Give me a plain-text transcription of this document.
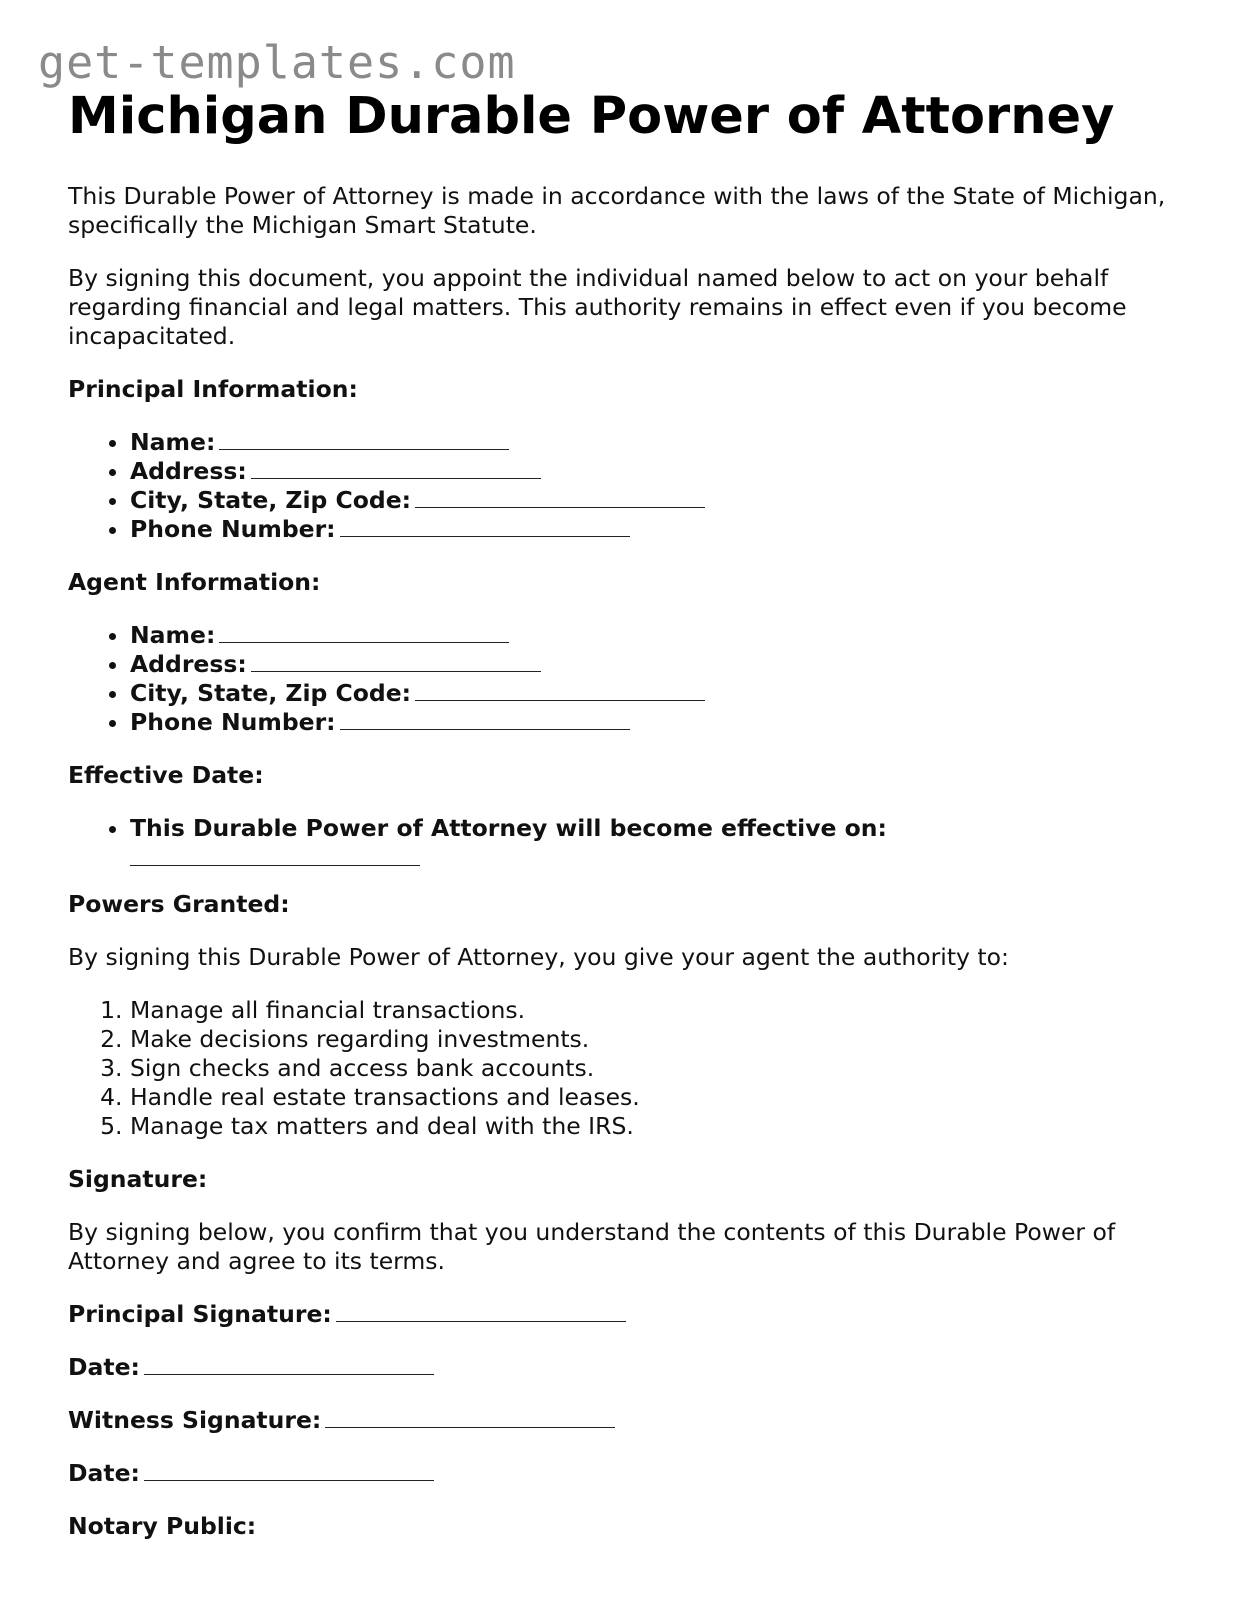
get-templates.com
Michigan Durable Power of Attorney

This Durable Power of Attorney is made in accordance with the laws of the State of Michigan, specifically the Michigan Smart Statute.

By signing this document, you appoint the individual named below to act on your behalf regarding financial and legal matters. This authority remains in effect even if you become incapacitated.

Principal Information:
• Name:
• Address:
• City, State, Zip Code:
• Phone Number:
Agent Information:
• Name:
• Address:
• City, State, Zip Code:
• Phone Number:
Effective Date:
• This Durable Power of Attorney will become effective on:
Powers Granted:

By signing this Durable Power of Attorney, you give your agent the authority to:

1. Manage all financial transactions.
2. Make decisions regarding investments.
3. Sign checks and access bank accounts.
4. Handle real estate transactions and leases.
5. Manage tax matters and deal with the IRS.
Signature:

By signing below, you confirm that you understand the contents of this Durable Power of Attorney and agree to its terms.

Principal Signature:
Date:
Witness Signature:
Date:
Notary Public:
